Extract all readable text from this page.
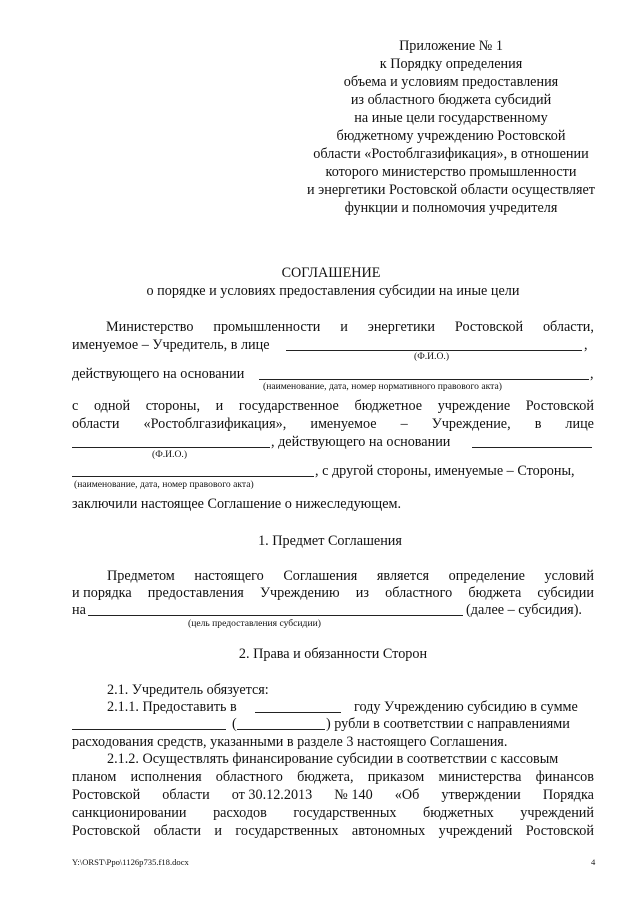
Приложение № 1
к Порядку определения
объема и условиям предоставления
из областного бюджета субсидий
на иные цели государственному
бюджетному учреждению Ростовской
области «Ростоблгазификация», в отношении
которого министерство промышленности
и энергетики Ростовской области осуществляет
функции и полномочия учредителя
СОГЛАШЕНИЕ
о порядке и условиях предоставления субсидии на иные цели
Министерство промышленности и энергетики Ростовской области,
именуемое – Учредитель, в лице	,
(Ф.И.О.)
действующего на основании	,
(наименование, дата, номер нормативного правового акта)
с одной стороны, и государственное бюджетное учреждение Ростовской
области «Ростоблгазификация», именуемое – Учреждение, в лице
, действующего на основании
(Ф.И.О.)
, с другой стороны, именуемые – Стороны,
(наименование, дата, номер правового акта)
заключили настоящее Соглашение о нижеследующем.
1. Предмет Соглашения
Предметом настоящего Соглашения является определение условий
и порядка предоставления Учреждению из областного бюджета субсидии
на	(далее – субсидия).
(цель предоставления субсидии)
2. Права и обязанности Сторон
2.1. Учредитель обязуется:
2.1.1. Предоставить в	году Учреждению субсидию в сумме
(	) рубли в соответствии с направлениями
расходования средств, указанными в разделе 3 настоящего Соглашения.
2.1.2. Осуществлять финансирование субсидии в соответствии с кассовым
планом исполнения областного бюджета, приказом министерства финансов
Ростовской области от 30.12.2013 № 140 «Об утверждении Порядка
санкционировании расходов государственных бюджетных учреждений
Ростовской области и государственных автономных учреждений Ростовской
Y:\ORST\Ppo\1126p735.f18.docx	4
